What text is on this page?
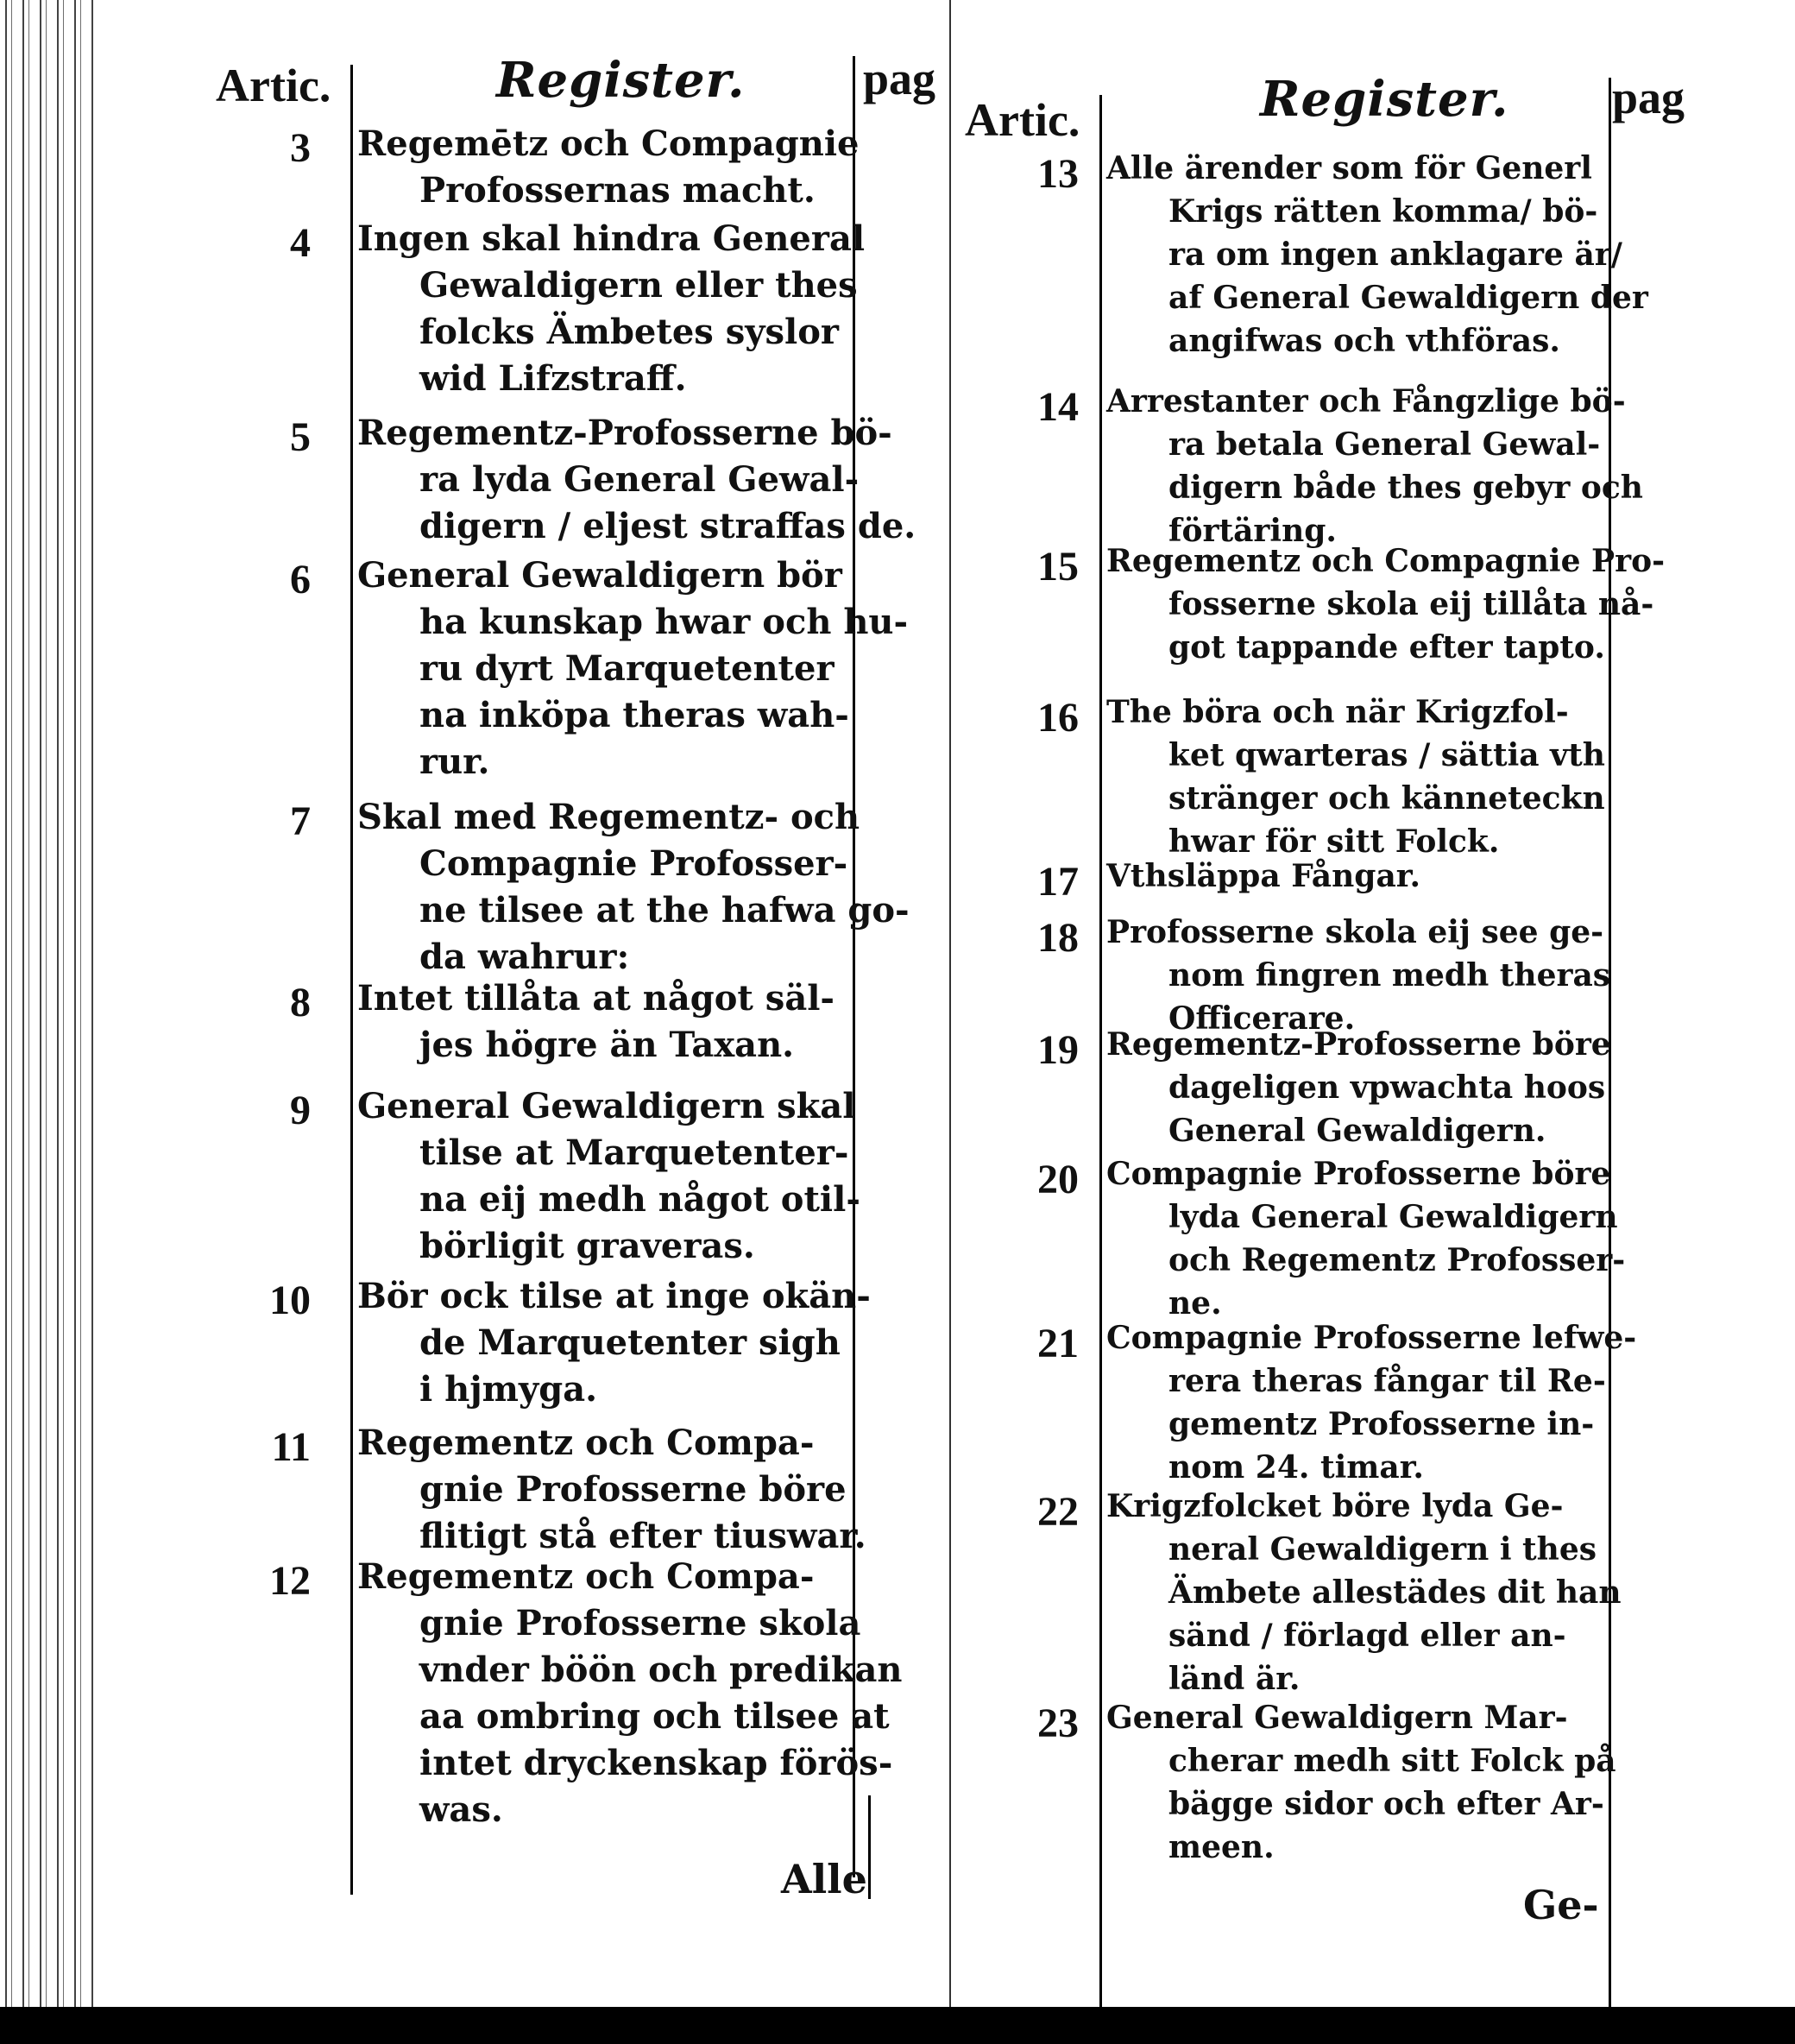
Artic.	Register.	pag
3 Regemētz och Compagnie
Profossernas macht.
4 Ingen skal hindra General
Gewaldigern eller thes
folcks Ämbetes syslor
wid Lifzstraff.
5 Regementz-Profosserne bö-
ra lyda General Gewal-
digern / eljest straffas de.
6 General Gewaldigern bör
ha kunskap hwar och hu-
ru dyrt Marquetenter
na inköpa theras wah-
rur.
7 Skal med Regementz- och
Compagnie Profosser-
ne tilsee at the hafwa go-
da wahrur:
8 Intet tillåta at något säl-
jes högre än Taxan.
9 General Gewaldigern skal
tilse at Marquetenter-
na eij medh något otil-
börligit graveras.
10 Bör ock tilse at inge okän-
de Marquetenter sigh
i hjmyga.
11 Regementz och Compa-
gnie Profosserne böre
flitigt stå efter tiuswar.
12 Regementz och Compa-
gnie Profosserne skola
vnder böön och predikan
aa ombring och tilsee at
intet dryckenskap förös-
was.
Alle
Artic.	Register. pag
13 Alle ärender som för Generl
Krigs rätten komma/ bö-
ra om ingen anklagare är/
af General Gewaldigern der
angifwas och vthföras.
14 Arrestanter och Fångzlige bö-
ra betala General Gewal-
digern både thes gebyr och
förtäring.
15 Regementz och Compagnie Pro-
fosserne skola eij tillåta nå-
got tappande efter tapto.
16 The böra och när Krigzfol-
ket qwarteras / sättia vth
stränger och känneteckn
hwar för sitt Folck.
17 Vthsläppa Fångar.
18 Profosserne skola eij see ge-
nom fingren medh theras
Officerare.
19 Regementz-Profosserne böre
dageligen vpwachta hoos
General Gewaldigern.
20 Compagnie Profosserne böre
lyda General Gewaldigern
och Regementz Profosser-
ne.
21 Compagnie Profosserne lefwe-
rera theras fångar til Re-
gementz Profosserne in-
nom 24. timar.
22 Krigzfolcket böre lyda Ge-
neral Gewaldigern i thes
Ämbete allestädes dit han
sänd / förlagd eller an-
länd är.
23 General Gewaldigern Mar-
cherar medh sitt Folck på
bägge sidor och efter Ar-
meen.
Ge-
